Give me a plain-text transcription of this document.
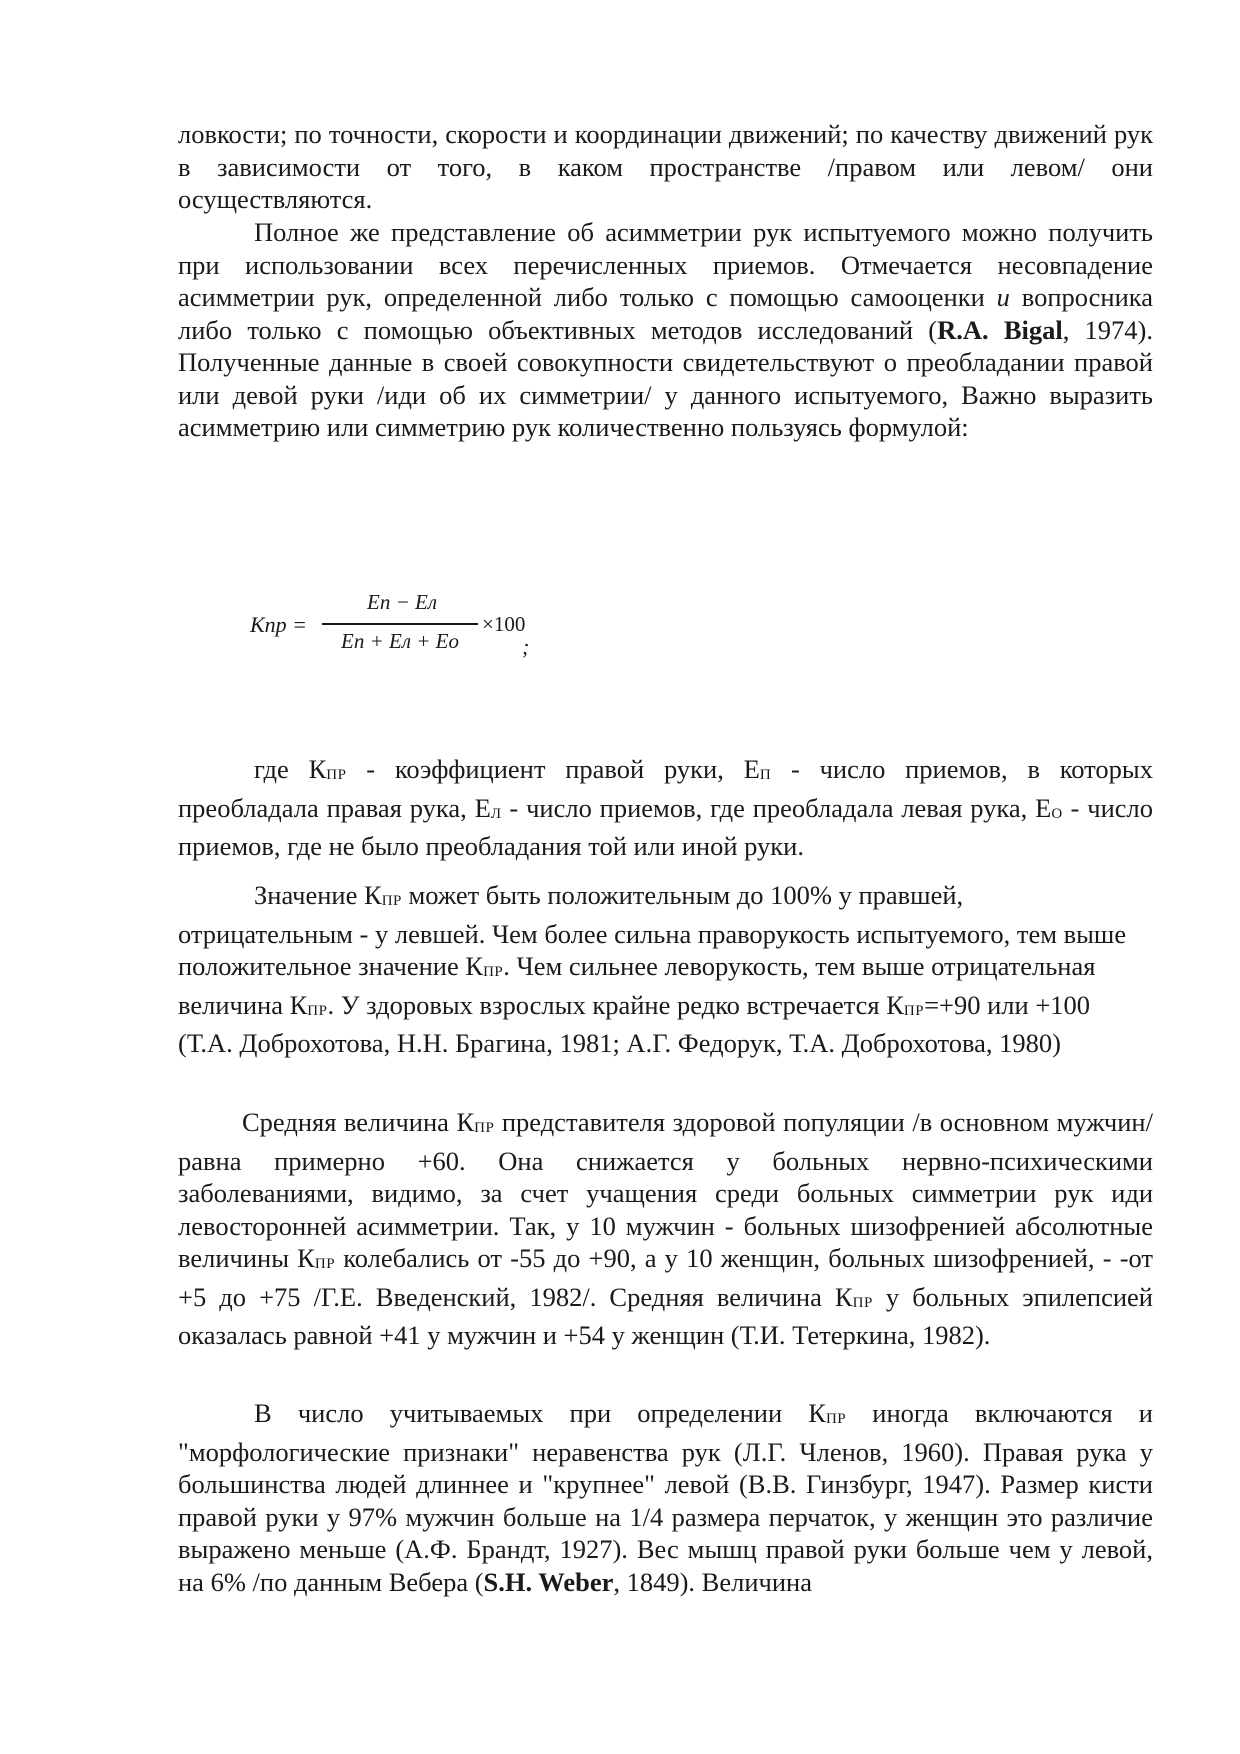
ловкости; по точности, скорости и координации движений; по качеству движений рук в зависимости от того, в каком пространстве /правом или левом/ они осуществляются.

Полное же представление об асимметрии рук испытуемого можно получить при использовании всех перечисленных приемов. Отмечается несовпадение асимметрии рук, определенной либо только с помощью самооценки и вопросника либо только с помощью объективных методов исследований (R.A. Bigal, 1974). Полученные данные в своей совокупности свидетельствуют о преобладании правой или девой руки /иди об их симметрии/ у данного испытуемого, Важно выразить асимметрию или симметрию рук количественно пользуясь формулой:

Кпр =
Еп − Ел
Еп + Ел + Ео
×100
;

где КПР - коэффициент правой руки, ЕП - число приемов, в которых преобладала правая рука, ЕЛ - число приемов, где преобладала левая рука, ЕО - число приемов, где не было преобладания той или иной руки.

Значение КПР может быть положительным до 100% у правшей, отрицательным - у левшей. Чем более сильна праворукость испытуемого, тем выше положительное значение КПР. Чем сильнее леворукость, тем выше отрицательная величина КПР. У здоровых взрослых крайне редко встречается КПР=+90 или +100 (Т.А. Доброхотова, Н.Н. Брагина, 1981; А.Г. Федорук, Т.А. Доброхотова, 1980)

Средняя величина КПР представителя здоровой популяции /в основном мужчин/ равна примерно +60. Она снижается у больных нервно-психическими заболеваниями, видимо, за счет учащения среди больных симметрии рук иди левосторонней асимметрии. Так, у 10 мужчин - больных шизофренией абсолютные величины КПР колебались от -55 до +90, а у 10 женщин, больных шизофренией, - -от +5 до +75 /Г.Е. Введенский, 1982/. Средняя величина КПР у больных эпилепсией оказалась равной +41 у мужчин и +54 у женщин (Т.И. Тетеркина, 1982).

В число учитываемых при определении КПР иногда включаются и "морфологические признаки" неравенства рук (Л.Г. Членов, 1960). Правая рука у большинства людей длиннее и "крупнее" левой (В.В. Гинзбург, 1947). Размер кисти правой руки у 97% мужчин больше на 1/4 размера перчаток, у женщин это различие выражено меньше (А.Ф. Брандт, 1927). Вес мышц правой руки больше чем у левой, на 6% /по данным Вебера (S.H. Weber, 1849). Величина
